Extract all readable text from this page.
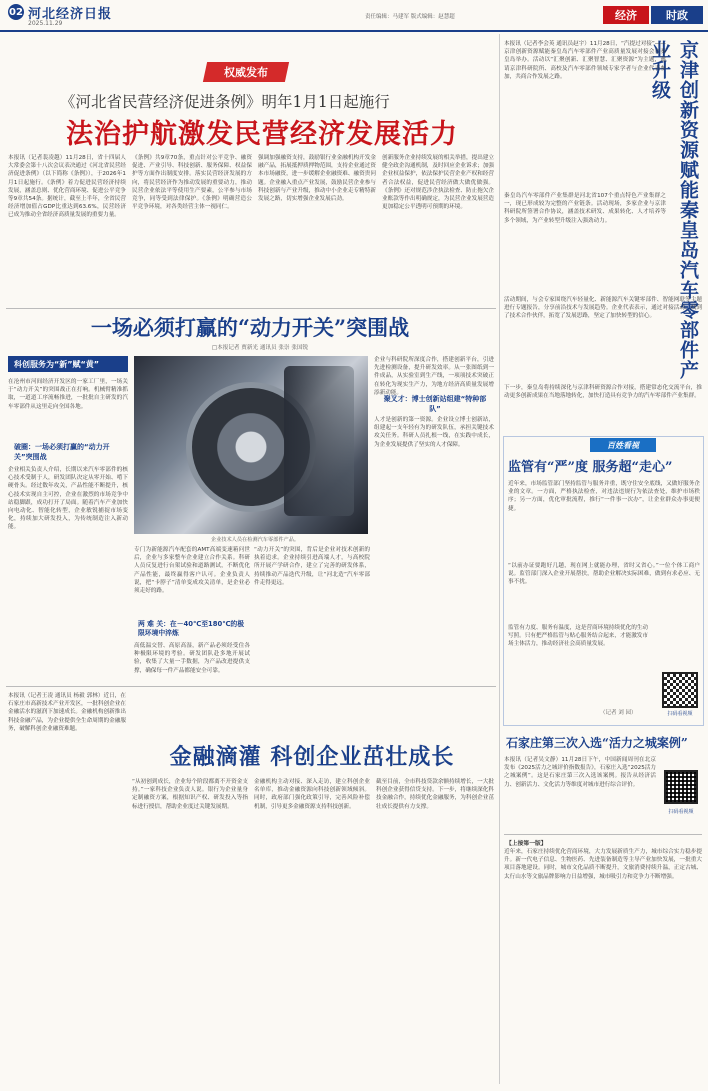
02 河北经济日报
2025.11.29
责任编辑：马建军 版式编辑：赵慧超	经济	时政
权威发布
《河北省民营经济促进条例》明年1月1日起施行
法治护航激发民营经济发展活力
本报讯（记者裴凌越）11月28日，省十四届人大常委会第十八次会议表决通过《河北省民营经济促进条例》（以下简称《条例》），于2026年1月1日起施行。《条例》着力促进民营经济持续发展，涵盖总则、优化营商环境、促进公平竞争等9章共54条。据统计，截至上半年，全省民营经济增加值占GDP比重达到63.6%，民营经济已成为推动全省经济高质量发展的重要力量。
《条例》共9章70条，重点针对公平竞争、融资促进、产业引导、科技创新、服务保障、权益保护等方面作出制度安排。落实民营经济发展的方向，将民营经济作为推动发展的重要动力，推动民营企业依法平等使用生产要素，公平参与市场竞争，同等受到法律保护。《条例》明确营造公平竞争环境，对各类经营主体一视同仁。
强调加强融资支持，鼓励银行业金融机构开发金融产品，拓展抵押质押物范围，支持企业通过资本市场融资，进一步缓解企业融资难、融资贵问题。企业融入重点产业发展，鼓励民营企业参与科技创新与产业升级，推动中小企业走专精特新发展之路，切实增强企业发展后劲。
创新服务企业持续发展的相关举措，提出建立健全政企沟通机制，及时回应企业诉求；加强企业权益保护，依法保护民营企业产权和经营者合法权益，促进民营经济做大做优做强。《条例》还对规范涉企执法检查、防止拖欠企业账款等作出明确规定，为民营企业发展营造更加稳定公平透明可预期的环境。
一场必须打赢的“动力开关”突围战
□本报记者 贾新光 通讯员 张崇 张国锐
科创服务为“新”赋“黄”
在沧州市河间经济开发区的一家工厂里，一场关于“动力开关”的突围战正在打响。机械臂精准抓取，一道道工序流畅推进，一批批自主研发的汽车零部件从这里走向全国各地。
破圈：一场必须打赢的“动力开关”突围战
企业相关负责人介绍，长期以来汽车零部件的核心技术受制于人，研发团队决定从零开始、啃下硬骨头。经过数年攻关，产品性能不断提升，核心技术实现自主可控，企业在激烈的市场竞争中站稳脚跟，成功打开了局面。随着汽车产业加快向电动化、智能化转型，企业敏锐捕捉市场变化，持续加大研发投入，为传统制造注入新动能。
企业技术人员在检测汽车零部件产品。
专门为新能源汽车配套的AMT高端变速箱问世后，企业与多家整车企业建立合作关系。科研人员反复进行台架试验和道路测试，不断优化产品性能，最终赢得客户认可。企业负责人说，把“卡脖子”清单变成攻关清单，是企业必须走好的路。
两 难 关：在－40℃至180℃的极限环境中淬炼
高低温交替、高原高湿，新产品必须经受住各种极限环境的考验。研发团队赴多地开展试验，收集了大量一手数据，为产品改进提供支撑，确保每一件产品都能安全可靠。
“动力开关”的突围，背后是企业对技术创新的执着追求。企业持续引进高端人才，与高校院所开展产学研合作，建立了完善的研发体系，持续推动产品迭代升级，让“河北造”汽车零部件走得更远。
企业与科研院所深度合作，搭建创新平台，引进先进检测设备，提升研发效率。从一张图纸到一件成品，从实验室到生产线，一项项技术突破正在转化为现实生产力，为地方经济高质量发展增添新动能。
聚叉才：博士创新站组建“特种部队”
人才是创新的第一资源。企业设立博士创新站，组建起一支年轻有为的研发队伍，承担关键技术攻关任务。科研人员扎根一线，在实践中成长，为企业发展提供了坚实的人才保障。
本报讯（记者王凌 通讯员 杨毅 郭林）近日，在石家庄市高新技术产业开发区，一批科创企业在金融活水的滋润下加速成长。金融机构创新推出科技金融产品，为企业提供全生命周期的金融服务，破解科创企业融资难题。
金融滴灌 科创企业茁壮成长
“从初创到成长，企业每个阶段都离不开资金支持。”一家科技企业负责人说。银行为企业量身定制融资方案，根据知识产权、研发投入等指标进行授信，帮助企业度过关键发展期。
金融机构主动对接、深入走访，建立科创企业名单库，推动金融资源向科技创新领域倾斜。同时，政府部门强化政策引导，完善风险补偿机制，引导更多金融资源支持科技创新。
截至目前，全市科技贷款余额持续增长，一大批科创企业获得信贷支持。下一步，将继续深化科技金融合作，持续优化金融服务，为科创企业茁壮成长提供有力支撑。
京津创新资源赋能秦皇岛汽车零部件产业升级
本报讯（记者李会英 通讯员赵宇）11月28日，“汽提过对接”——京津创新资源赋能秦皇岛汽车零部件产业高质量发展对接会在秦皇岛举办。活动以“汇聚创新、汇聚智慧、汇聚资源”为主题，邀请京津科研院所、高校及汽车零部件领域专家学者与企业代表参加，共商合作发展之路。
秦皇岛汽车零部件产业集群是河北省107个重点特色产业集群之一，现已形成较为完整的产业链条。活动现场，多家企业与京津科研院所签署合作协议，涵盖技术研发、成果转化、人才培养等多个领域，为产业转型升级注入强劲动力。
活动期间，与会专家围绕汽车轻量化、新能源汽车关键零部件、智能网联等主题进行专题报告，分享前沿技术与发展趋势。企业代表表示，通过对接活动，找到了技术合作伙伴，拓宽了发展思路，坚定了加快转型的信心。
下一步，秦皇岛将持续深化与京津科研资源合作对接，搭建常态化交流平台，推动更多创新成果在当地落地转化，加快打造具有竞争力的汽车零部件产业集群。
百姓看视
监管有“严”度 服务超“走心”
近年来，市场监管部门坚持监管与服务并重，既守住安全底线，又做好服务企业的文章。一方面，严格执法检查，对违法违规行为依法查处，维护市场秩序；另一方面，优化审批流程，推行“一件事一次办”，让企业群众办事更便捷。
“以前办证要跑好几趟，现在网上就能办理，省时又省心。”一位个体工商户说。监管部门深入企业开展帮扶，帮助企业解决实际困难，做到有求必应、无事不扰。
监管有力度、服务有温度，这是营商环境持续优化的生动写照。只有把严格监管与贴心服务结合起来，才能激发市场主体活力，推动经济社会高质量发展。
（记者 刘 园）	扫码看视频
石家庄第三次入选“活力之城案例”
本报讯（记者吴文静）11月28日下午，中国新闻周刊在北京发布《2025活力之城评价指数报告》，石家庄入选“2025活力之城案例”。这是石家庄第三次入选该案例。报告从经济活力、创新活力、文化活力等维度对城市进行综合评价。
扫码看视频
【上接第一版】
近年来，石家庄持续优化营商环境，大力发展新质生产力，城市综合实力稳步提升。新一代电子信息、生物医药、先进装备制造等主导产业加快发展，一批重大项目落地建设。同时，城市文化品质不断提升，文旅消费持续升温，正定古城、太行山水等文旅品牌影响力日益增强，城市吸引力和竞争力不断增强。
